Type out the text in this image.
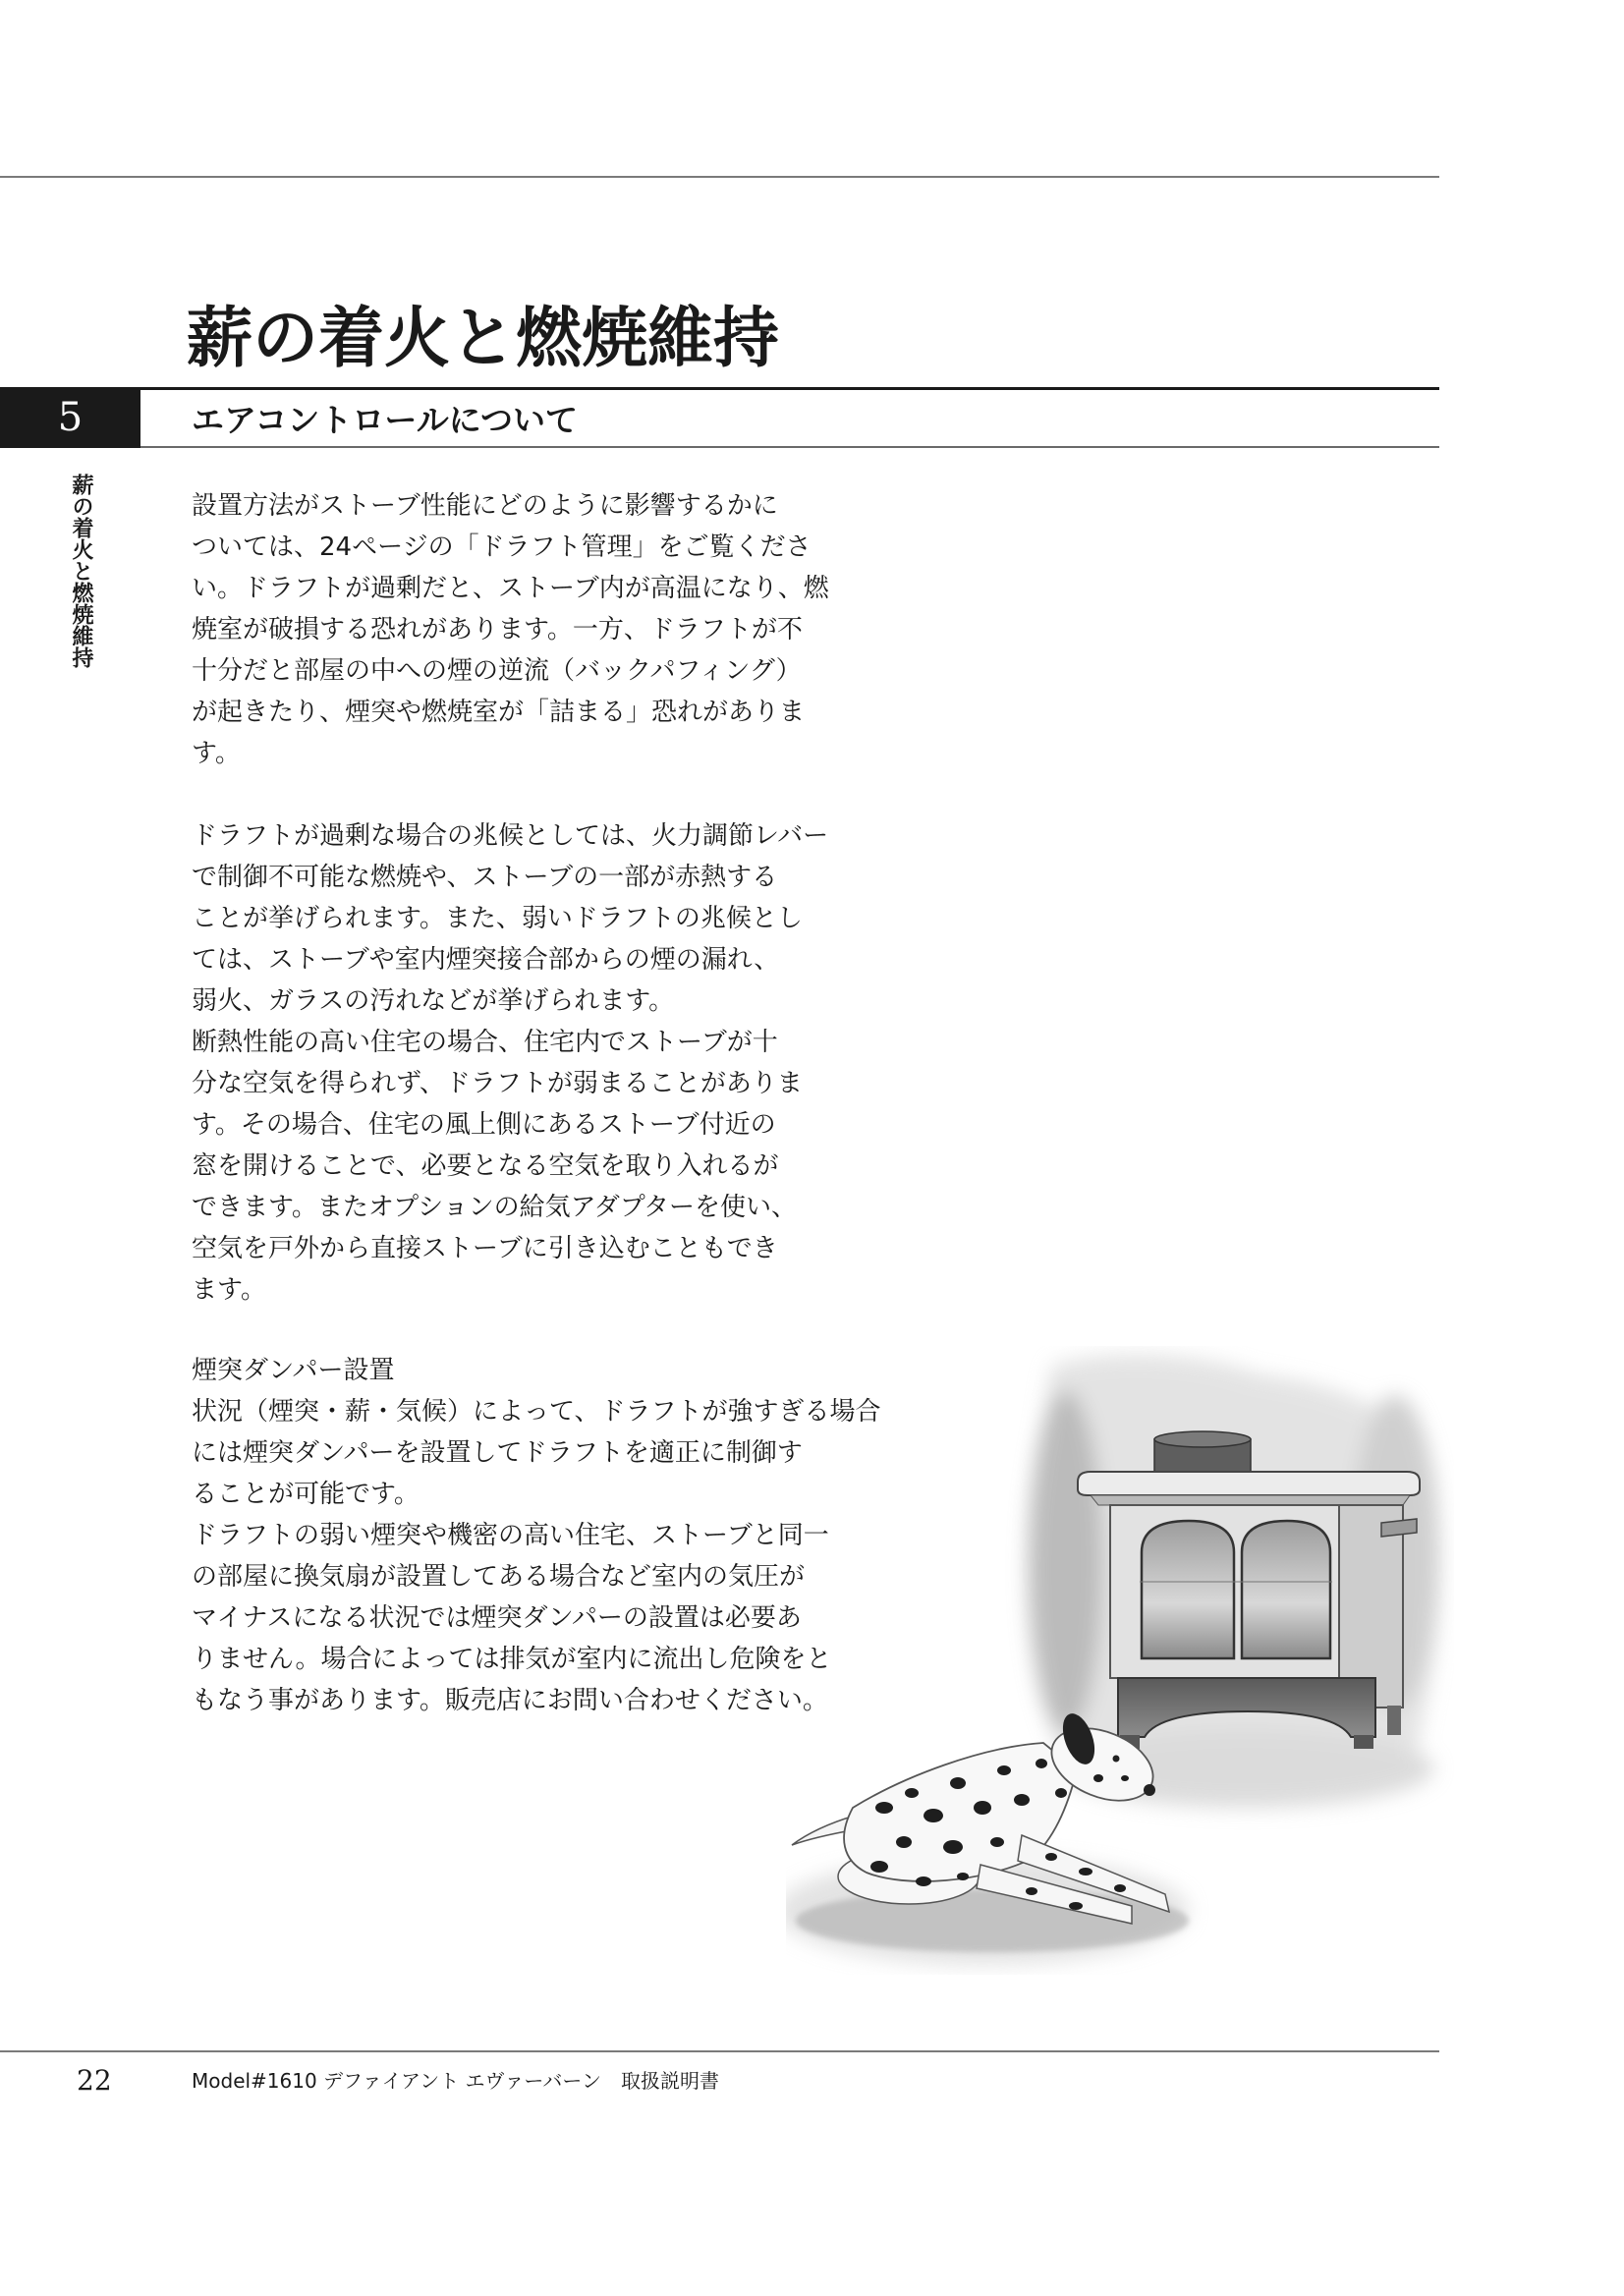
薪の着火と燃焼維持
5	エアコントロールについて
薪の着火と燃焼維持	設置方法がストーブ性能にどのように影響するかに
ついては、24ページの「ドラフト管理」をご覧くださ
い。ドラフトが過剰だと、ストーブ内が高温になり、燃
焼室が破損する恐れがあります。一方、ドラフトが不
十分だと部屋の中への煙の逆流（バックパフィング）
が起きたり、煙突や燃焼室が「詰まる」恐れがありま
す。
ドラフトが過剰な場合の兆候としては、火力調節レバー
で制御不可能な燃焼や、ストーブの一部が赤熱する
ことが挙げられます。また、弱いドラフトの兆候とし
ては、ストーブや室内煙突接合部からの煙の漏れ、
弱火、ガラスの汚れなどが挙げられます。
断熱性能の高い住宅の場合、住宅内でストーブが十
分な空気を得られず、ドラフトが弱まることがありま
す。その場合、住宅の風上側にあるストーブ付近の
窓を開けることで、必要となる空気を取り入れるが
できます。またオプションの給気アダプターを使い、
空気を戸外から直接ストーブに引き込むこともでき
ます。
煙突ダンパー設置
状況（煙突・薪・気候）によって、ドラフトが強すぎる場合
には煙突ダンパーを設置してドラフトを適正に制御す
ることが可能です。
ドラフトの弱い煙突や機密の高い住宅、ストーブと同一
の部屋に換気扇が設置してある場合など室内の気圧が
マイナスになる状況では煙突ダンパーの設置は必要あ
りません。場合によっては排気が室内に流出し危険をと
もなう事があります。販売店にお問い合わせください。
22	Model#1610 デファイアント エヴァーバーン　取扱説明書
